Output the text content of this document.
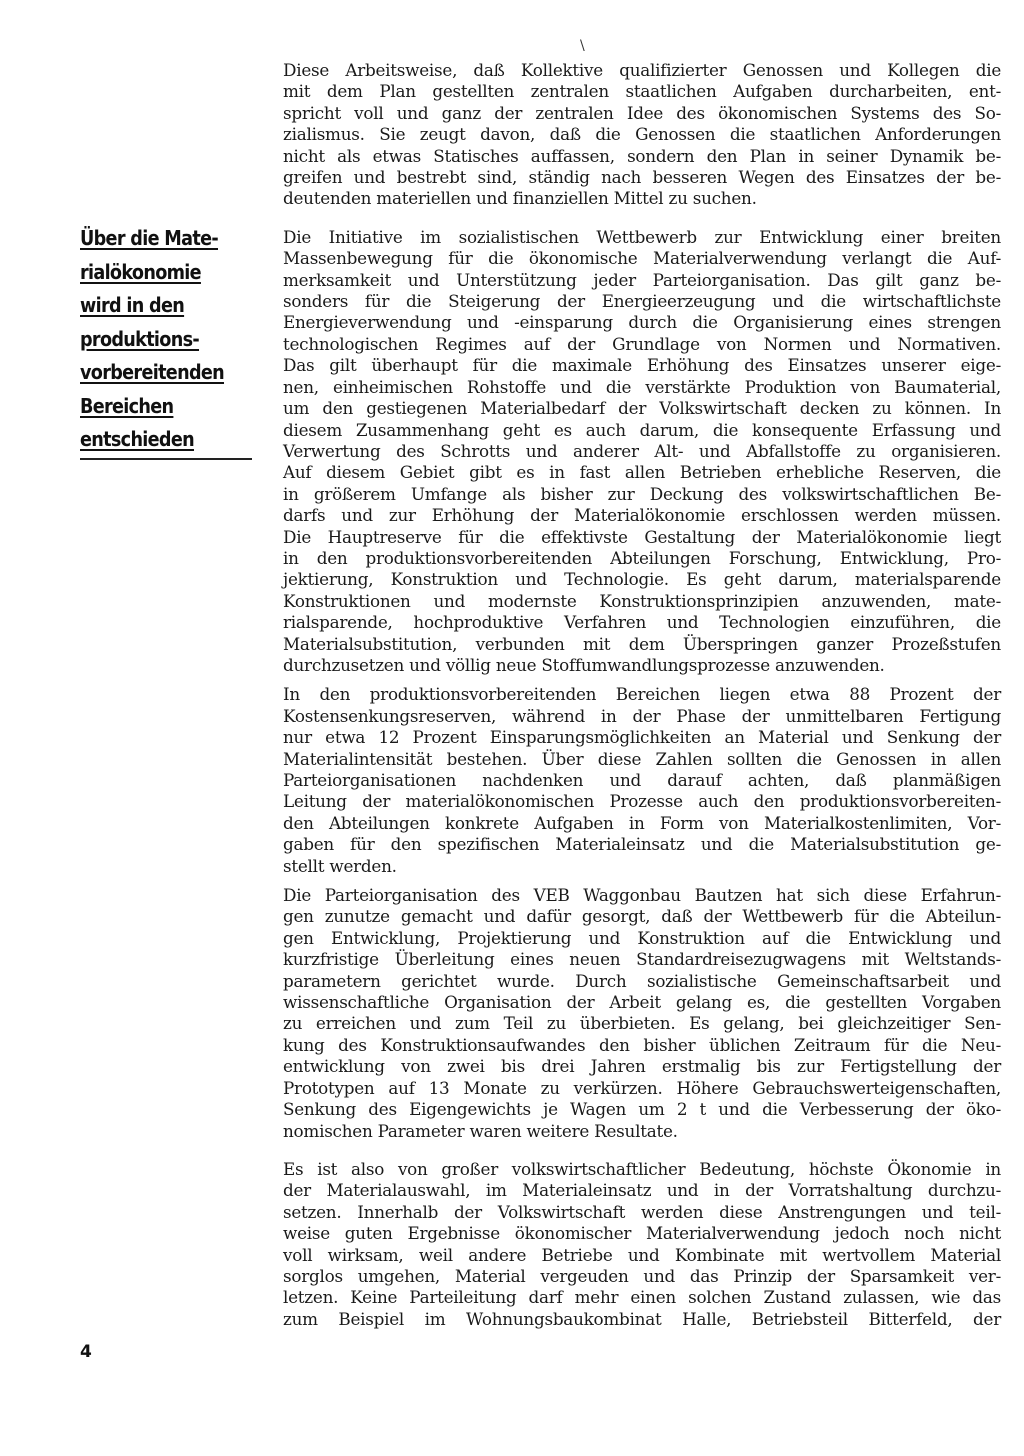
\
Über die Mate-
rialökonomie
wird in den
produktions-
vorbereitenden
Bereichen
entschieden

Diese Arbeitsweise, daß Kollektive qualifizierter Genossen und Kollegen die
mit dem Plan gestellten zentralen staatlichen Aufgaben durcharbeiten, ent-
spricht voll und ganz der zentralen Idee des ökonomischen Systems des So-
zialismus. Sie zeugt davon, daß die Genossen die staatlichen Anforderungen
nicht als etwas Statisches auffassen, sondern den Plan in seiner Dynamik be-
greifen und bestrebt sind, ständig nach besseren Wegen des Einsatzes der be-
deutenden materiellen und finanziellen Mittel zu suchen.

Die Initiative im sozialistischen Wettbewerb zur Entwicklung einer breiten
Massenbewegung für die ökonomische Materialverwendung verlangt die Auf-
merksamkeit und Unterstützung jeder Parteiorganisation. Das gilt ganz be-
sonders für die Steigerung der Energieerzeugung und die wirtschaftlichste
Energieverwendung und -einsparung durch die Organisierung eines strengen
technologischen Regimes auf der Grundlage von Normen und Normativen.
Das gilt überhaupt für die maximale Erhöhung des Einsatzes unserer eige-
nen, einheimischen Rohstoffe und die verstärkte Produktion von Baumaterial,
um den gestiegenen Materialbedarf der Volkswirtschaft decken zu können. In
diesem Zusammenhang geht es auch darum, die konsequente Erfassung und
Verwertung des Schrotts und anderer Alt- und Abfallstoffe zu organisieren.
Auf diesem Gebiet gibt es in fast allen Betrieben erhebliche Reserven, die
in größerem Umfange als bisher zur Deckung des volkswirtschaftlichen Be-
darfs und zur Erhöhung der Materialökonomie erschlossen werden müssen.
Die Hauptreserve für die effektivste Gestaltung der Materialökonomie liegt
in den produktionsvorbereitenden Abteilungen Forschung, Entwicklung, Pro-
jektierung, Konstruktion und Technologie. Es geht darum, materialsparende
Konstruktionen und modernste Konstruktionsprinzipien anzuwenden, mate-
rialsparende, hochproduktive Verfahren und Technologien einzuführen, die
Materialsubstitution, verbunden mit dem Überspringen ganzer Prozeßstufen
durchzusetzen und völlig neue Stoffumwandlungsprozesse anzuwenden.

In den produktionsvorbereitenden Bereichen liegen etwa 88 Prozent der
Kostensenkungsreserven, während in der Phase der unmittelbaren Fertigung
nur etwa 12 Prozent Einsparungsmöglichkeiten an Material und Senkung der
Materialintensität bestehen. Über diese Zahlen sollten die Genossen in allen
Parteiorganisationen nachdenken und darauf achten, daß planmäßigen
Leitung der materialökonomischen Prozesse auch den produktionsvorbereiten-
den Abteilungen konkrete Aufgaben in Form von Materialkostenlimiten, Vor-
gaben für den spezifischen Materialeinsatz und die Materialsubstitution ge-
stellt werden.

Die Parteiorganisation des VEB Waggonbau Bautzen hat sich diese Erfahrun-
gen zunutze gemacht und dafür gesorgt, daß der Wettbewerb für die Abteilun-
gen Entwicklung, Projektierung und Konstruktion auf die Entwicklung und
kurzfristige Überleitung eines neuen Standardreisezugwagens mit Weltstands-
parametern gerichtet wurde. Durch sozialistische Gemeinschaftsarbeit und
wissenschaftliche Organisation der Arbeit gelang es, die gestellten Vorgaben
zu erreichen und zum Teil zu überbieten. Es gelang, bei gleichzeitiger Sen-
kung des Konstruktionsaufwandes den bisher üblichen Zeitraum für die Neu-
entwicklung von zwei bis drei Jahren erstmalig bis zur Fertigstellung der
Prototypen auf 13 Monate zu verkürzen. Höhere Gebrauchswerteigenschaften,
Senkung des Eigengewichts je Wagen um 2 t und die Verbesserung der öko-
nomischen Parameter waren weitere Resultate.

Es ist also von großer volkswirtschaftlicher Bedeutung, höchste Ökonomie in
der Materialauswahl, im Materialeinsatz und in der Vorratshaltung durchzu-
setzen. Innerhalb der Volkswirtschaft werden diese Anstrengungen und teil-
weise guten Ergebnisse ökonomischer Materialverwendung jedoch noch nicht
voll wirksam, weil andere Betriebe und Kombinate mit wertvollem Material
sorglos umgehen, Material vergeuden und das Prinzip der Sparsamkeit ver-
letzen. Keine Parteileitung darf mehr einen solchen Zustand zulassen, wie das
zum Beispiel im Wohnungsbaukombinat Halle, Betriebsteil Bitterfeld, der

4
